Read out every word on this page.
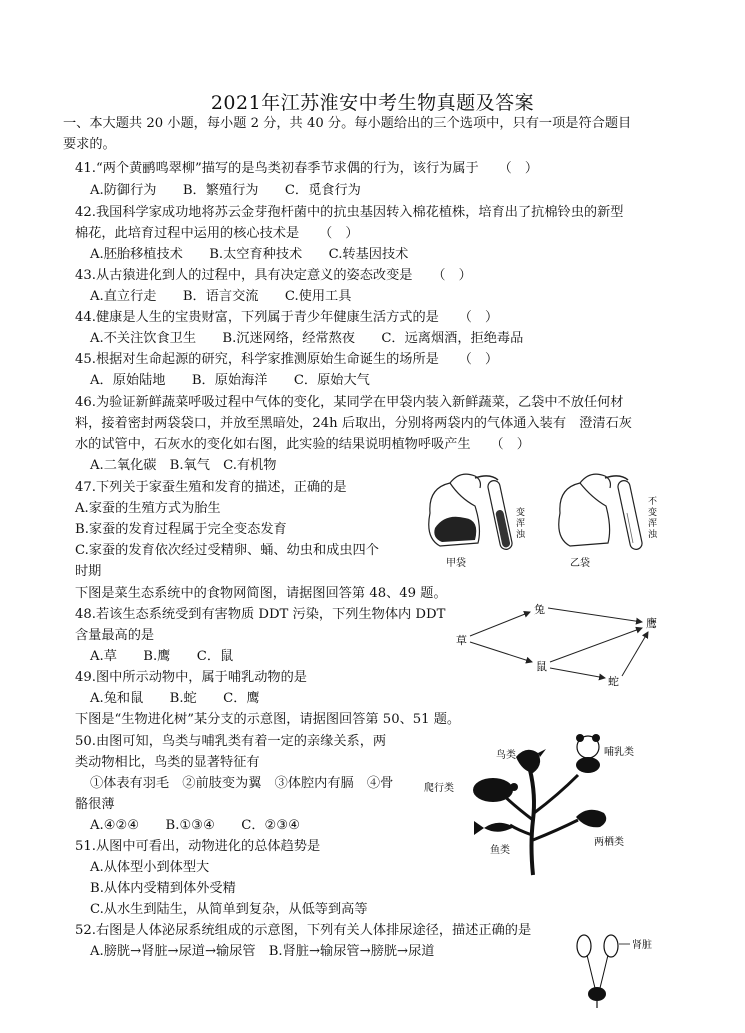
2021年江苏淮安中考生物真题及答案
一、本大题共 20 小题，每小题 2 分，共 40 分。每小题给出的三个选项中，只有一项是符合题目
要求的。
41.“两个黄鹂鸣翠柳”描写的是鸟类初春季节求偶的行为，该行为属于　　（　）
A.防御行为　　B．繁殖行为　　C．觅食行为
42.我国科学家成功地将苏云金芽孢杆菌中的抗虫基因转入棉花植株，培育出了抗棉铃虫的新型
棉花，此培育过程中运用的核心技术是　　（　）
A.胚胎移植技术　　B.太空育种技术　　C.转基因技术
43.从古猿进化到人的过程中，具有决定意义的姿态改变是　　（　）
A.直立行走　　B．语言交流　　C.使用工具
44.健康是人生的宝贵财富，下列属于青少年健康生活方式的是　　（　）
A.不关注饮食卫生　　B.沉迷网络，经常熬夜　　C．远离烟酒，拒绝毒品
45.根据对生命起源的研究，科学家推测原始生命诞生的场所是　　（　）
A．原始陆地　　B．原始海洋　　C．原始大气
46.为验证新鲜蔬菜呼吸过程中气体的变化，某同学在甲袋内装入新鲜蔬菜，乙袋中不放任何材
料，接着密封两袋袋口，并放至黑暗处，24h 后取出，分别将两袋内的气体通入装有　澄清石灰
水的试管中，石灰水的变化如右图，此实验的结果说明植物呼吸产生　　（　）
A.二氧化碳　B.氧气　C.有机物
47.下列关于家蚕生殖和发育的描述，正确的是
A.家蚕的生殖方式为胎生
B.家蚕的发育过程属于完全变态发育
C.家蚕的发育依次经过受精卵、蛹、幼虫和成虫四个
时期
下图是菜生态系统中的食物网简图，请据图回答第 48、49 题。
48.若该生态系统受到有害物质 DDT 污染，下列生物体内 DDT
含量最高的是
A.草　　B.鹰　　C．鼠
49.图中所示动物中，属于哺乳动物的是
A.兔和鼠　　B.蛇　　C．鹰
下图是“生物进化树”某分支的示意图，请据图回答第 50、51 题。
50.由图可知，鸟类与哺乳类有着一定的亲缘关系，两
类动物相比，鸟类的显著特征有
①体表有羽毛　②前肢变为翼　③体腔内有膈　④骨
骼很薄
A.④②④　　B.①③④　　C．②③④
51.从图中可看出，动物进化的总体趋势是
A.从体型小到体型大
B.从体内受精到体外受精
C.从水生到陆生，从简单到复杂，从低等到高等
52.右图是人体泌尿系统组成的示意图，下列有关人体排尿途径，描述正确的是
A.膀胱→肾脏→尿道→输尿管　B.肾脏→输尿管→膀胱→尿道
变
浑
浊
甲袋
不
变
浑
浊
乙袋
草
兔
鼠
鹰
蛇
鸟类	哺乳类
爬行类
鱼类
两栖类
肾脏
